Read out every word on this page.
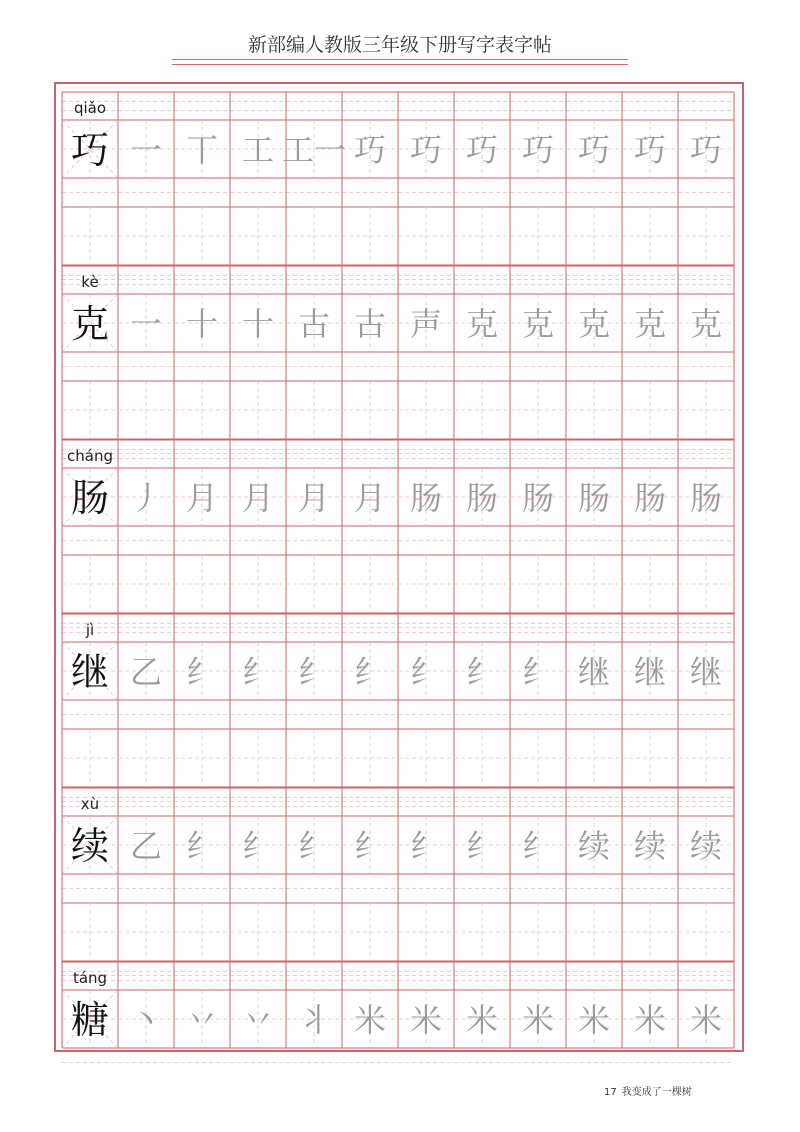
新部编人教版三年级下册写字表字帖
qiǎo
巧 一 丅 工 工一 巧 巧 巧 巧 巧 巧 巧
kè
克 一 十 十 古 古 声 克 克 克 克 克
cháng
肠 丿 月 月 月 月 肠 肠 肠 肠 肠 肠
jì
继 乙 纟 纟 纟 纟 纟 纟 纟 继 继 继
xù
续 乙 纟 纟 纟 纟 纟 纟 纟 续 续 续
táng
糖 丶 丷 丷 丬 米 米 米 米 米 米 米
17 我变成了一棵树
